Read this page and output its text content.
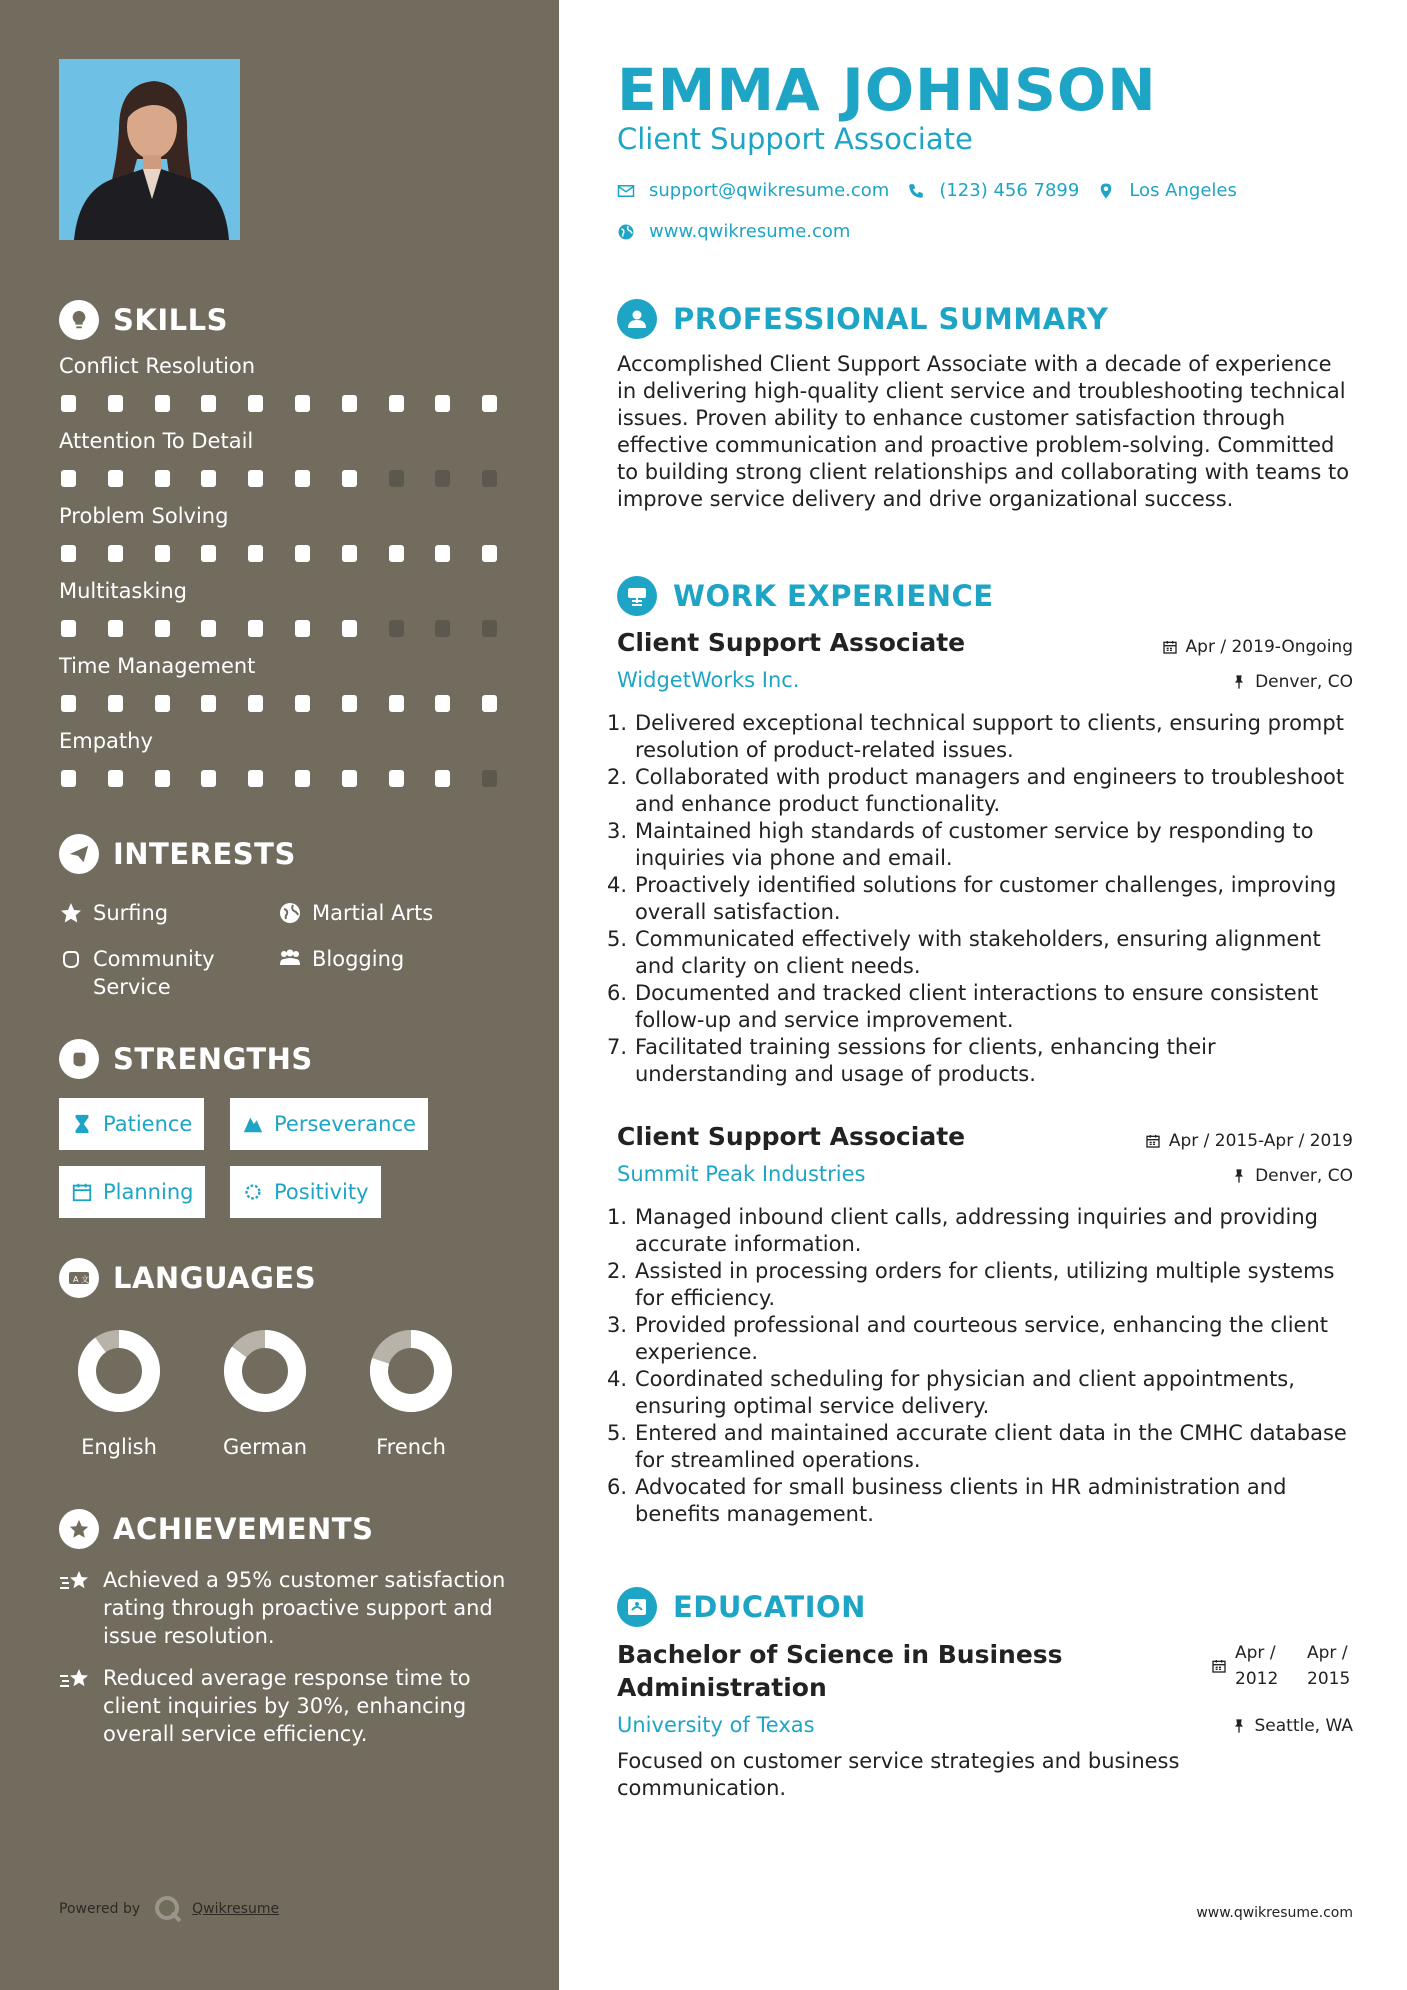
SKILLS
Conflict Resolution
Attention To Detail
Problem Solving
Multitasking
Time Management
Empathy
INTERESTS
Surfing	Martial Arts
Community Service
Blogging
STRENGTHS
Patience	Perseverance
Planning	Positivity
A 文 LANGUAGES
English	German	French
ACHIEVEMENTS
Achieved a 95% customer satisfaction rating through proactive support and issue resolution.
Reduced average response time to client inquiries by 30%, enhancing overall service efficiency.
Powered by	Qwikresume
EMMA JOHNSON
Client Support Associate
support@qwikresume.com	(123) 456 7899	Los Angeles
www.qwikresume.com
PROFESSIONAL SUMMARY
Accomplished Client Support Associate with a decade of experience in delivering high-quality client service and troubleshooting technical issues. Proven ability to enhance customer satisfaction through effective communication and proactive problem-solving. Committed to building strong client relationships and collaborating with teams to improve service delivery and drive organizational success.
WORK EXPERIENCE
Client Support Associate	Apr / 2019-Ongoing
WidgetWorks Inc.	Denver, CO
Delivered exceptional technical support to clients, ensuring prompt resolution of product-related issues.
Collaborated with product managers and engineers to troubleshoot and enhance product functionality.
Maintained high standards of customer service by responding to inquiries via phone and email.
Proactively identified solutions for customer challenges, improving overall satisfaction.
Communicated effectively with stakeholders, ensuring alignment and clarity on client needs.
Documented and tracked client interactions to ensure consistent follow-up and service improvement.
Facilitated training sessions for clients, enhancing their understanding and usage of products.
Client Support Associate	Apr / 2015-Apr / 2019
Summit Peak Industries	Denver, CO
Managed inbound client calls, addressing inquiries and providing accurate information.
Assisted in processing orders for clients, utilizing multiple systems for efficiency.
Provided professional and courteous service, enhancing the client experience.
Coordinated scheduling for physician and client appointments, ensuring optimal service delivery.
Entered and maintained accurate client data in the CMHC database for streamlined operations.
Advocated for small business clients in HR administration and benefits management.
EDUCATION
Bachelor of Science in Business Administration
Apr / 2012
Apr / 2015
University of Texas	Seattle, WA
Focused on customer service strategies and business communication.
www.qwikresume.com
